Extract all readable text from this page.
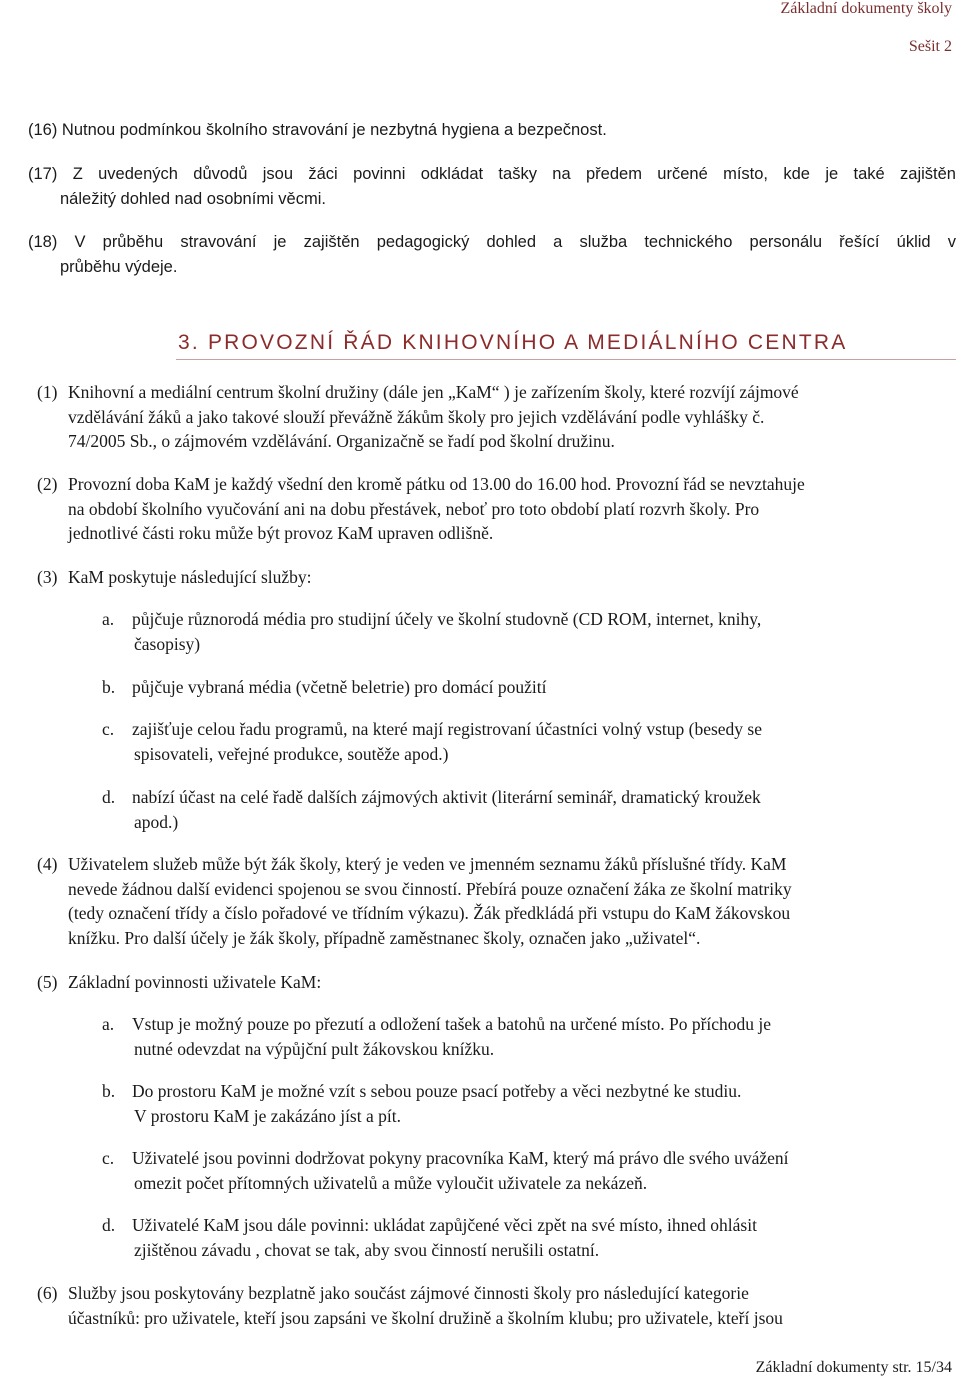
Základní dokumenty školy
Sešit 2
(16) Nutnou podmínkou školního stravování je nezbytná hygiena a bezpečnost.
(17) Z uvedených důvodů jsou žáci povinni odkládat tašky na předem určené místo, kde je také zajištěn
náležitý dohled nad osobními věcmi.
(18) V průběhu stravování je zajištěn pedagogický dohled a služba technického personálu řešící úklid v
průběhu výdeje.
3. PROVOZNÍ ŘÁD KNIHOVNÍHO A MEDIÁLNÍHO CENTRA
(1) Knihovní a mediální centrum školní družiny (dále jen „KaM“ ) je zařízením školy, které rozvíjí zájmové
vzdělávání žáků a jako takové slouží převážně žákům školy pro jejich vzdělávání podle vyhlášky č.
74/2005 Sb., o zájmovém vzdělávání. Organizačně se řadí pod školní družinu.
(2) Provozní doba KaM je každý všední den kromě pátku od 13.00 do 16.00 hod. Provozní řád se nevztahuje
na období školního vyučování ani na dobu přestávek, neboť pro toto období platí rozvrh školy. Pro
jednotlivé části roku může být provoz KaM upraven odlišně.
(3) KaM poskytuje následující služby:
a. půjčuje různorodá média pro studijní účely ve školní studovně (CD ROM, internet, knihy,
časopisy)
b. půjčuje vybraná média (včetně beletrie) pro domácí použití
c. zajišťuje celou řadu programů, na které mají registrovaní účastníci volný vstup (besedy se
spisovateli, veřejné produkce, soutěže apod.)
d. nabízí účast na celé řadě dalších zájmových aktivit (literární seminář, dramatický kroužek
apod.)
(4) Uživatelem služeb může být žák školy, který je veden ve jmenném seznamu žáků příslušné třídy. KaM
nevede žádnou další evidenci spojenou se svou činností. Přebírá pouze označení žáka ze školní matriky
(tedy označení třídy a číslo pořadové ve třídním výkazu). Žák předkládá při vstupu do KaM žákovskou
knížku. Pro další účely je žák školy, případně zaměstnanec školy, označen jako „uživatel“.
(5) Základní povinnosti uživatele KaM:
a. Vstup je možný pouze po přezutí a odložení tašek a batohů na určené místo. Po příchodu je
nutné odevzdat na výpůjční pult žákovskou knížku.
b. Do prostoru KaM je možné vzít s sebou pouze psací potřeby a věci nezbytné ke studiu.
V prostoru KaM je zakázáno jíst a pít.
c. Uživatelé jsou povinni dodržovat pokyny pracovníka KaM, který má právo dle svého uvážení
omezit počet přítomných uživatelů a může vyloučit uživatele za nekázeň.
d. Uživatelé KaM jsou dále povinni: ukládat zapůjčené věci zpět na své místo, ihned ohlásit
zjištěnou závadu , chovat se tak, aby svou činností nerušili ostatní.
(6) Služby jsou poskytovány bezplatně jako součást zájmové činnosti školy pro následující kategorie
účastníků: pro uživatele, kteří jsou zapsáni ve školní družině a školním klubu; pro uživatele, kteří jsou
Základní dokumenty str. 15/34
